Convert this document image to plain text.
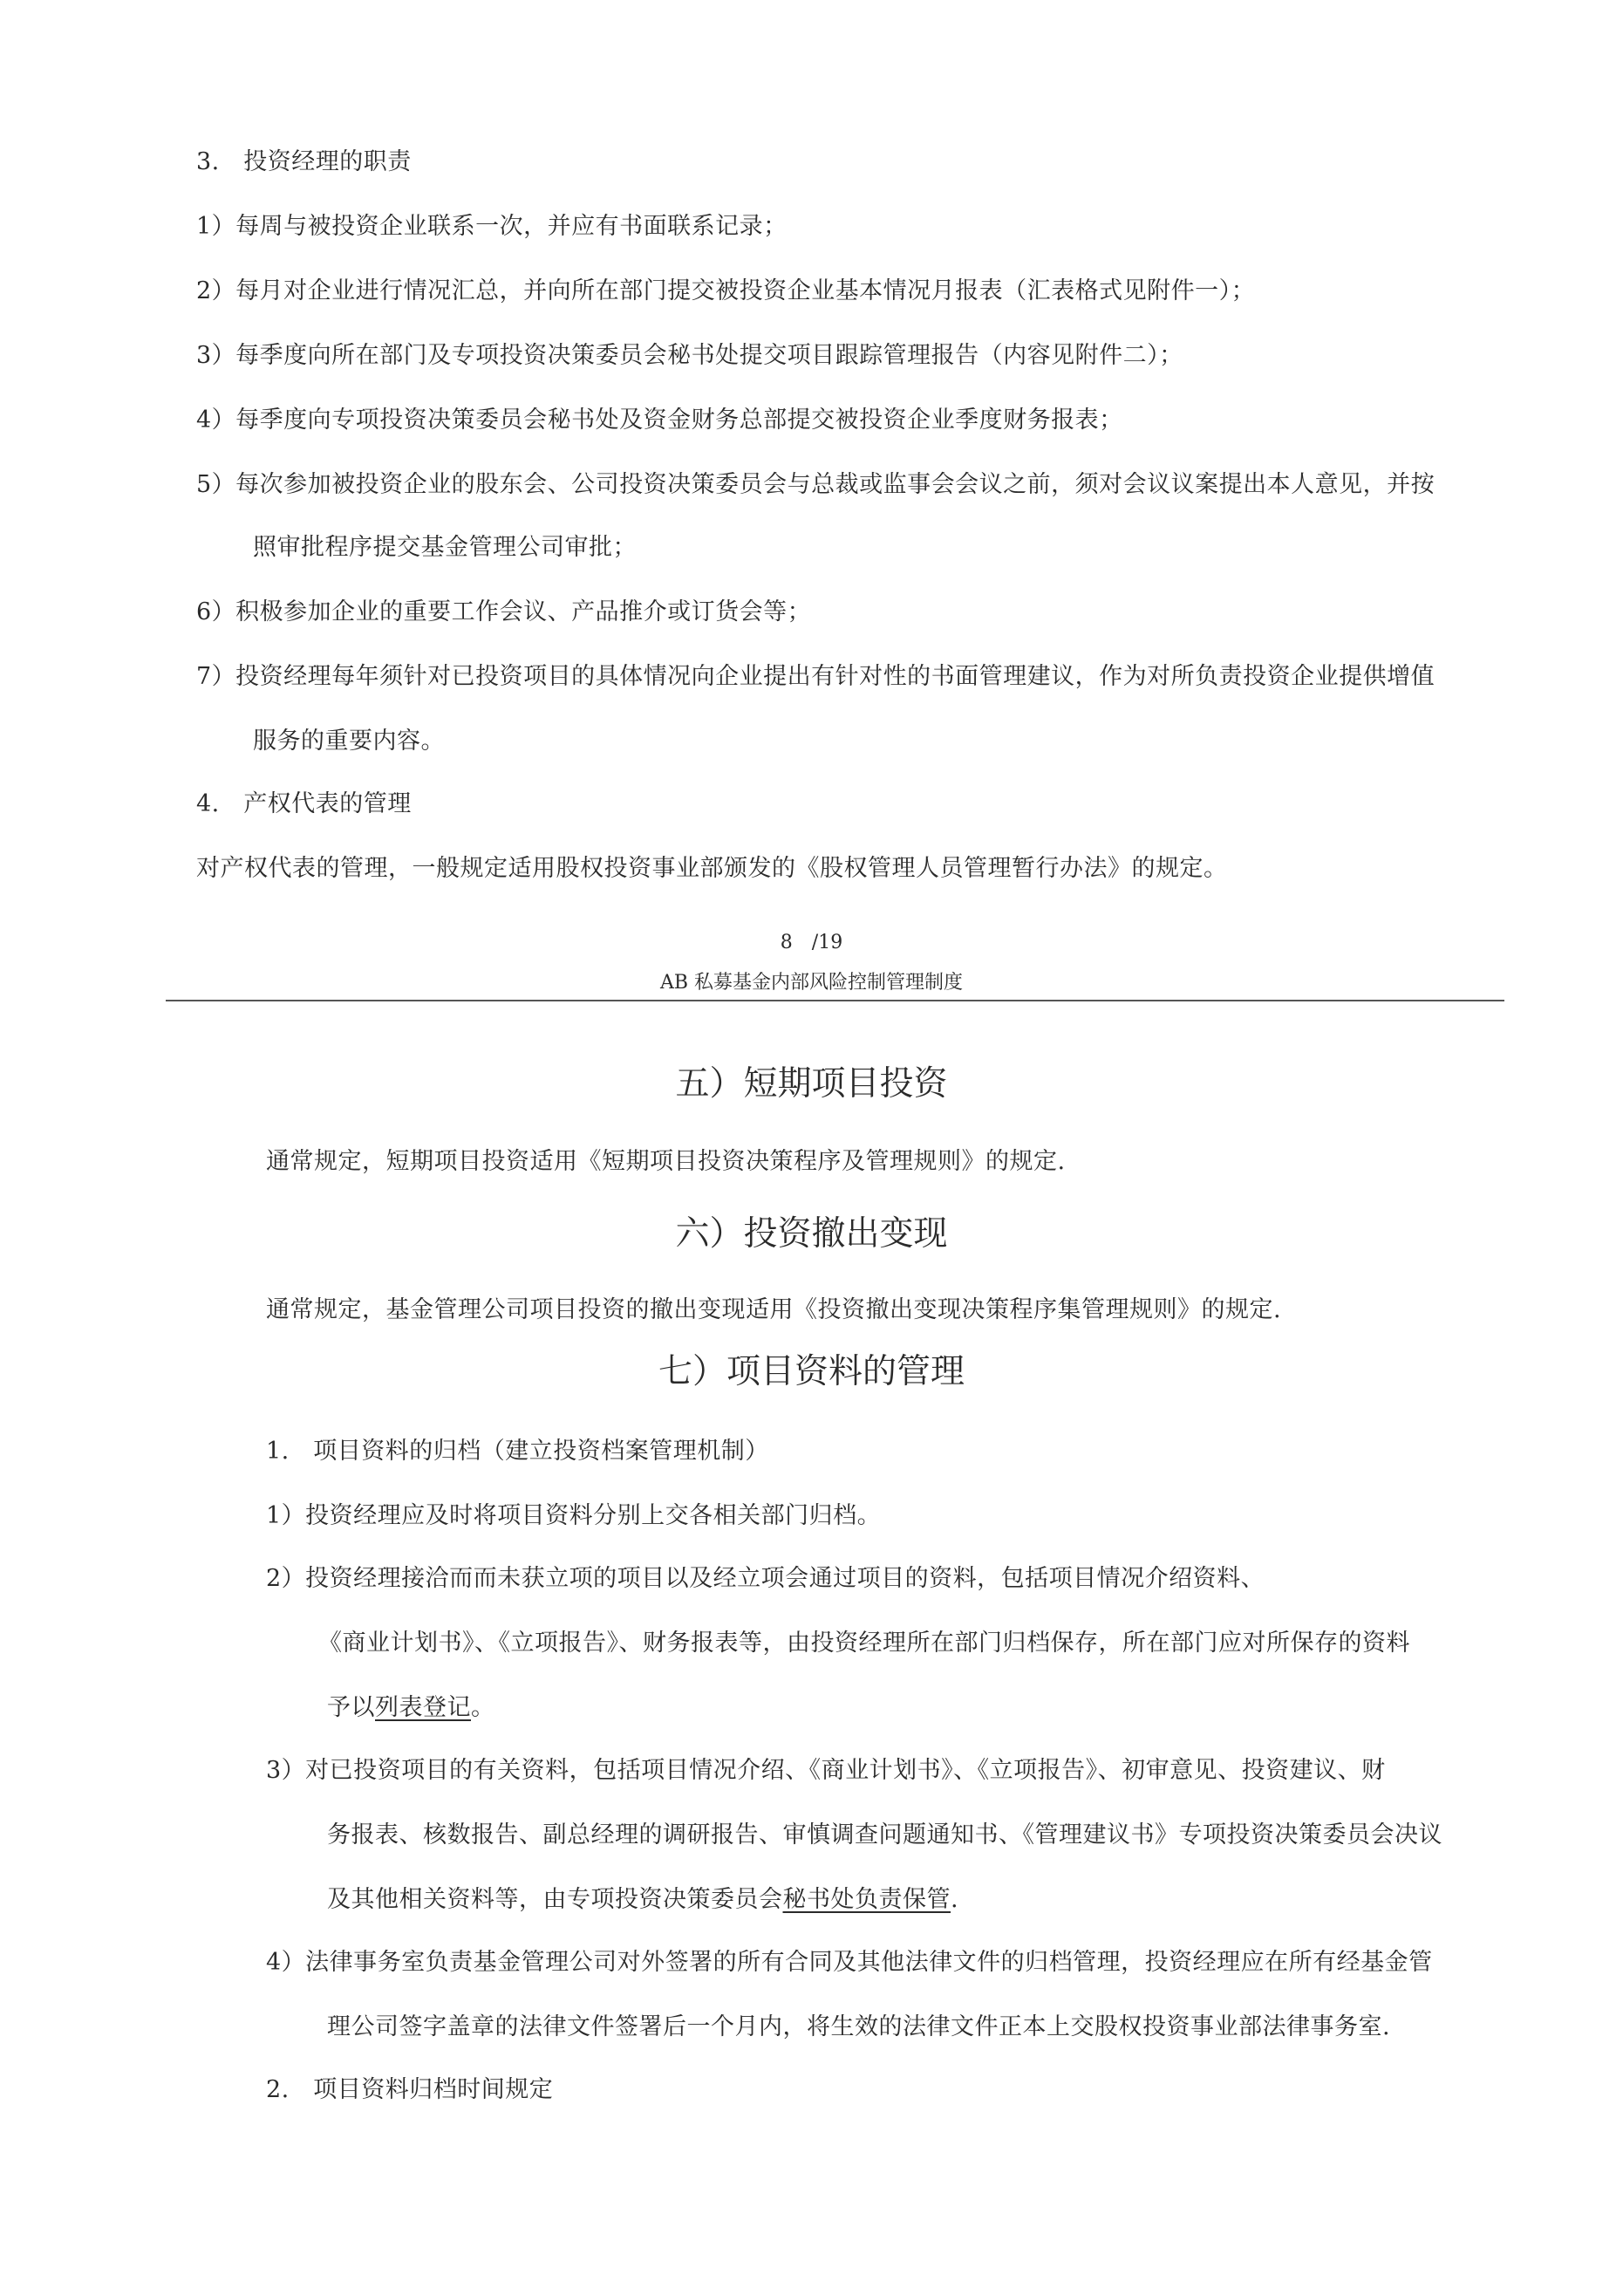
3.　投资经理的职责
1）每周与被投资企业联系一次，并应有书面联系记录；
2）每月对企业进行情况汇总，并向所在部门提交被投资企业基本情况月报表（汇表格式见附件一）；
3）每季度向所在部门及专项投资决策委员会秘书处提交项目跟踪管理报告（内容见附件二）；
4）每季度向专项投资决策委员会秘书处及资金财务总部提交被投资企业季度财务报表；
5）每次参加被投资企业的股东会、公司投资决策委员会与总裁或监事会会议之前，须对会议议案提出本人意见，并按
照审批程序提交基金管理公司审批；
6）积极参加企业的重要工作会议、产品推介或订货会等；
7）投资经理每年须针对已投资项目的具体情况向企业提出有针对性的书面管理建议，作为对所负责投资企业提供增值
服务的重要内容。
4.　产权代表的管理
对产权代表的管理，一般规定适用股权投资事业部颁发的《股权管理人员管理暂行办法》的规定。
8　/19
AB 私募基金内部风险控制管理制度
五）短期项目投资
通常规定，短期项目投资适用《短期项目投资决策程序及管理规则》的规定.
六）投资撤出变现
通常规定，基金管理公司项目投资的撤出变现适用《投资撤出变现决策程序集管理规则》的规定.
七）项目资料的管理
1.　项目资料的归档（建立投资档案管理机制）
1）投资经理应及时将项目资料分别上交各相关部门归档。
2）投资经理接洽而而未获立项的项目以及经立项会通过项目的资料，包括项目情况介绍资料、
《商业计划书》、《立项报告》、财务报表等，由投资经理所在部门归档保存，所在部门应对所保存的资料
予以列表登记。
3）对已投资项目的有关资料，包括项目情况介绍、《商业计划书》、《立项报告》、初审意见、投资建议、财
务报表、核数报告、副总经理的调研报告、审慎调查问题通知书、《管理建议书》专项投资决策委员会决议
及其他相关资料等，由专项投资决策委员会秘书处负责保管.
4）法律事务室负责基金管理公司对外签署的所有合同及其他法律文件的归档管理，投资经理应在所有经基金管
理公司签字盖章的法律文件签署后一个月内，将生效的法律文件正本上交股权投资事业部法律事务室.
2.　项目资料归档时间规定
